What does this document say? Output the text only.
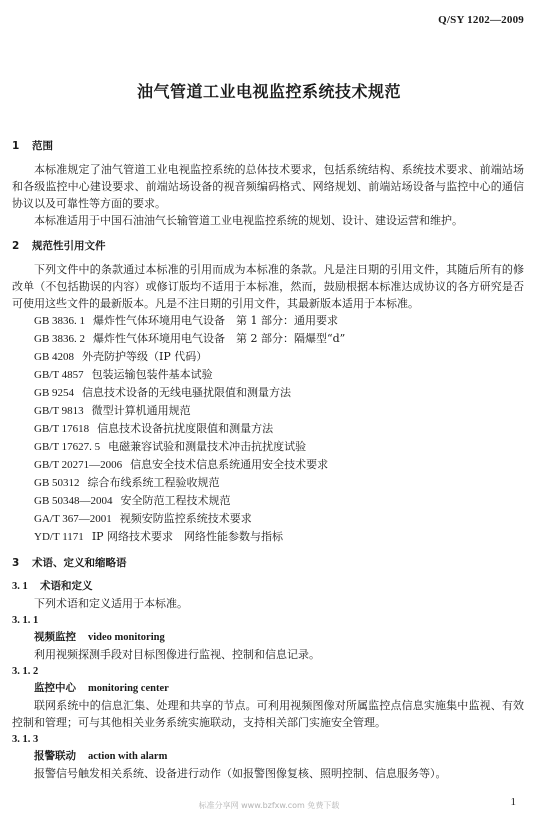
Q/SY 1202—2009
油气管道工业电视监控系统技术规范
1 范围

本标准规定了油气管道工业电视监控系统的总体技术要求，包括系统结构、系统技术要求、前端站场和各级监控中心建设要求、前端站场设备的视音频编码格式、网络规划、前端站场设备与监控中心的通信协议以及可靠性等方面的要求。

本标准适用于中国石油油气长输管道工业电视监控系统的规划、设计、建设运营和维护。

2 规范性引用文件

下列文件中的条款通过本标准的引用而成为本标准的条款。凡是注日期的引用文件，其随后所有的修改单（不包括勘误的内容）或修订版均不适用于本标准，然而，鼓励根据本标准达成协议的各方研究是否可使用这些文件的最新版本。凡是不注日期的引用文件，其最新版本适用于本标准。

GB 3836. 1 爆炸性气体环境用电气设备　第 1 部分：通用要求
GB 3836. 2 爆炸性气体环境用电气设备　第 2 部分：隔爆型“d”
GB 4208 外壳防护等级（IP 代码）
GB/T 4857 包装运输包装件基本试验
GB 9254 信息技术设备的无线电骚扰限值和测量方法
GB/T 9813 微型计算机通用规范
GB/T 17618 信息技术设备抗扰度限值和测量方法
GB/T 17627. 5 电磁兼容试验和测量技术冲击抗扰度试验
GB/T 20271—2006 信息安全技术信息系统通用安全技术要求
GB 50312 综合布线系统工程验收规范
GB 50348—2004 安全防范工程技术规范
GA/T 367—2001 视频安防监控系统技术要求
YD/T 1171 IP 网络技术要求　网络性能参数与指标
3 术语、定义和缩略语
3. 1 术语和定义

下列术语和定义适用于本标准。

3. 1. 1
视频监控 video monitoring

利用视频探测手段对目标图像进行监视、控制和信息记录。

3. 1. 2
监控中心 monitoring center

联网系统中的信息汇集、处理和共享的节点。可利用视频图像对所属监控点信息实施集中监视、有效控制和管理；可与其他相关业务系统实施联动，支持相关部门实施安全管理。

3. 1. 3
报警联动 action with alarm

报警信号触发相关系统、设备进行动作（如报警图像复核、照明控制、信息服务等）。

标准分享网 www.bzfxw.com 免费下载	1
